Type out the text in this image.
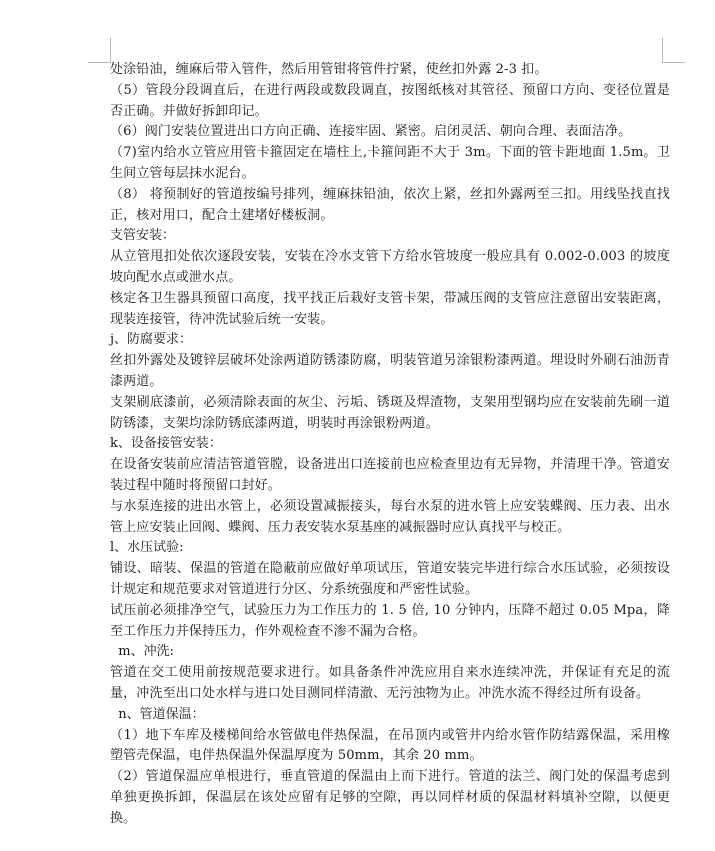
处涂铅油，缠麻后带入管件，然后用管钳将管件拧紧，使丝扣外露 2-3 扣。

（5）管段分段调直后，在进行两段或数段调直，按图纸核对其管径、预留口方向、变径位置是否正确。并做好拆卸印记。

（6）阀门安装位置进出口方向正确、连接牢固、紧密。启闭灵活、朝向合理、表面洁净。

（7)室内给水立管应用管卡箍固定在墙柱上,卡箍间距不大于 3m。下面的管卡距地面 1.5m。卫生间立管每层抹水泥台。

（8） 将预制好的管道按编号排列，缠麻抹铅油，依次上紧，丝扣外露两至三扣。用线坠找直找正，核对用口，配合土建堵好楼板洞。

支管安装：

从立管甩扣处依次逐段安装，安装在冷水支管下方给水管坡度一般应具有 0.002-0.003 的坡度坡向配水点或泄水点。

核定各卫生器具预留口高度，找平找正后栽好支管卡架，带减压阀的支管应注意留出安装距离，现装连接管，待冲洗试验后统一安装。

j、防腐要求：

丝扣外露处及镀锌层破坏处涂两道防锈漆防腐，明装管道另涂银粉漆两道。埋设时外刷石油沥青漆两道。

支架刷底漆前，必须清除表面的灰尘、污垢、锈斑及焊渣物，支架用型钢均应在安装前先刷一道防锈漆，支架均涂防锈底漆两道，明装时再涂银粉两道。

k、设备接管安装：

在设备安装前应清洁管道管膛，设备进出口连接前也应检查里边有无异物，并清理干净。管道安装过程中随时将预留口封好。

与水泵连接的进出水管上，必须设置减振接头，每台水泵的进水管上应安装蝶阀、压力表、出水管上应安装止回阀、蝶阀、压力表安装水泵基座的减振器时应认真找平与校正。

l、水压试验:

铺设、暗装、保温的管道在隐蔽前应做好单项试压，管道安装完毕进行综合水压试验，必须按设计规定和规范要求对管道进行分区、分系统强度和严密性试验。

试压前必须排净空气，试验压力为工作压力的 1. 5 倍, 10 分钟内，压降不超过 0.05 Mpa，降至工作压力并保持压力，作外观检查不渗不漏为合格。

m、冲洗:

管道在交工使用前按规范要求进行。如具备条件冲洗应用自来水连续冲洗，并保证有充足的流量，冲洗至出口处水样与进口处目测同样清澈、无污浊物为止。冲洗水流不得经过所有设备。

n、管道保温：

（1）地下车库及楼梯间给水管做电伴热保温，在吊顶内或管井内给水管作防结露保温，采用橡塑管壳保温，电伴热保温外保温厚度为 50mm，其余 20 mm。

（2）管道保温应单根进行，垂直管道的保温由上而下进行。管道的法兰、阀门处的保温考虑到单独更换拆卸，保温层在该处应留有足够的空隙，再以同样材质的保温材料填补空隙，以便更换。
